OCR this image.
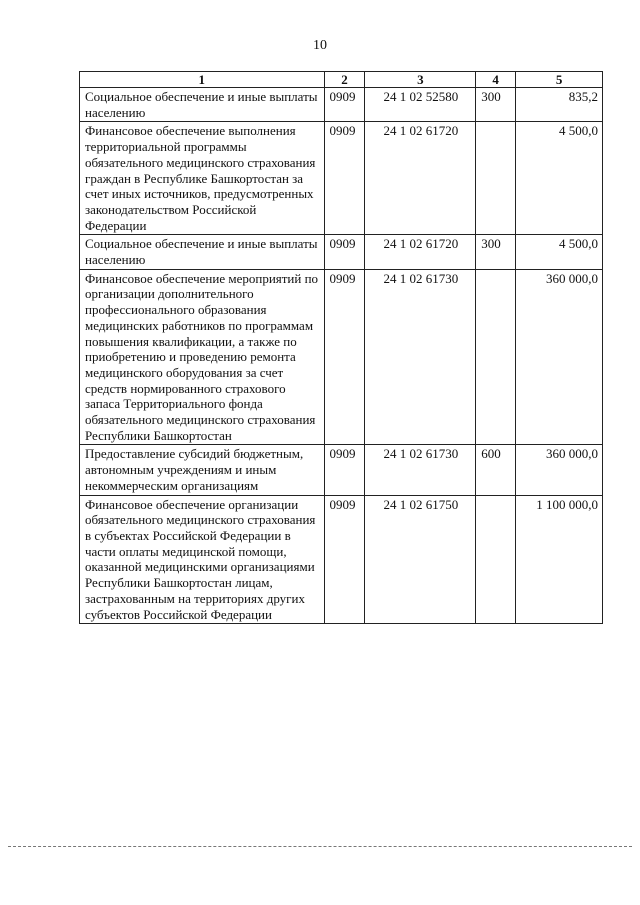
10
1	2	3	4	5
Социальное обеспечение и иные выплаты населению	0909	24 1 02 52580	300	835,2
Финансовое обеспечение выполнения территориальной программы обязательного медицинского страхования граждан в Республике Башкортостан за счет иных источников, предусмотренных законодательством Российской Федерации	0909	24 1 02 61720		4 500,0
Социальное обеспечение и иные выплаты населению	0909	24 1 02 61720	300	4 500,0
Финансовое обеспечение мероприятий по организации дополнительного профессионального образования медицинских работников по программам повышения квалификации, а также по приобретению и проведению ремонта медицинского оборудования за счет средств нормированного страхового запаса Территориального фонда обязательного медицинского страхования Республики Башкортостан	0909	24 1 02 61730		360 000,0
Предоставление субсидий бюджетным, автономным учреждениям и иным некоммерческим организациям	0909	24 1 02 61730	600	360 000,0
Финансовое обеспечение организации обязательного медицинского страхования в субъектах Российской Федерации в части оплаты медицинской помощи, оказанной медицинскими организациями Республики Башкортостан лицам, застрахованным на территориях других субъектов Российской Федерации	0909	24 1 02 61750		1 100 000,0
